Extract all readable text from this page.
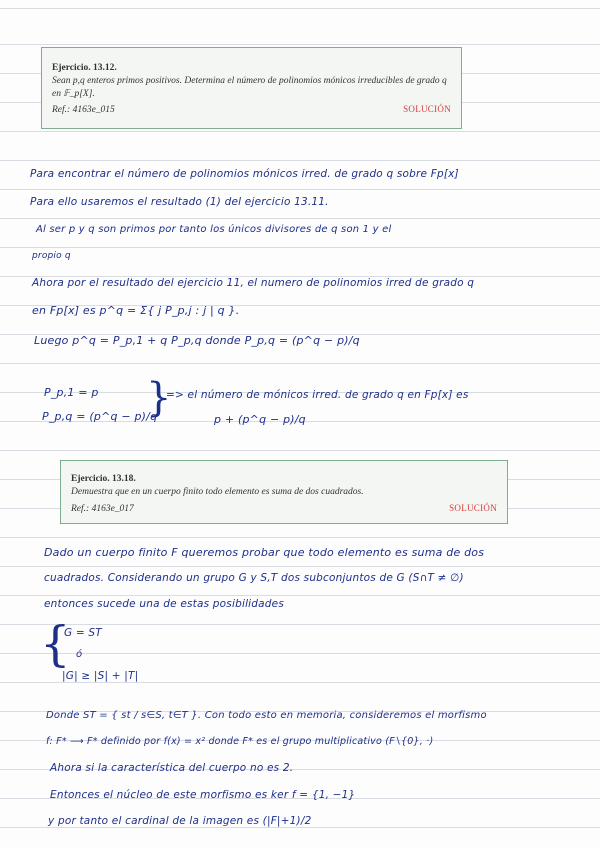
Ejercicio. 13.12.
Sean p,q enteros primos positivos. Determina el número de polinomios mónicos irreducibles de grado q en 𝔽_p[X].
Ref.: 4163e_015	SOLUCIÓN
Para encontrar el número de polinomios mónicos irred. de grado q sobre Fp[x]
Para ello usaremos el resultado (1) del ejercicio 13.11.
Al ser p y q son primos por tanto los únicos divisores de q son 1 y el
propio q
Ahora por el resultado del ejercicio 11, el numero de polinomios irred de grado q
en Fp[x] es p^q = Σ{ j P_p,j : j | q }.
Luego p^q = P_p,1 + q P_p,q donde P_p,q = (p^q − p)/q
P_p,1 = p
P_p,q = (p^q − p)/q
}
=> el número de mónicos irred. de grado q en Fp[x] es
p + (p^q − p)/q
Ejercicio. 13.18.
Demuestra que en un cuerpo finito todo elemento es suma de dos cuadrados.
Ref.: 4163e_017	SOLUCIÓN
Dado un cuerpo finito F queremos probar que todo elemento es suma de dos
cuadrados. Considerando un grupo G y S,T dos subconjuntos de G (S∩T ≠ ∅)
entonces sucede una de estas posibilidades
{
G = ST
ó
|G| ≥ |S| + |T|
Donde ST = { st / s∈S, t∈T }. Con todo esto en memoria, consideremos el morfismo
f: F* ⟶ F* definido por f(x) = x² donde F* es el grupo multiplicativo (F∖{0}, ·)
Ahora si la característica del cuerpo no es 2.
Entonces el núcleo de este morfismo es ker f = {1, −1}
y por tanto el cardinal de la imagen es (|F|+1)/2
